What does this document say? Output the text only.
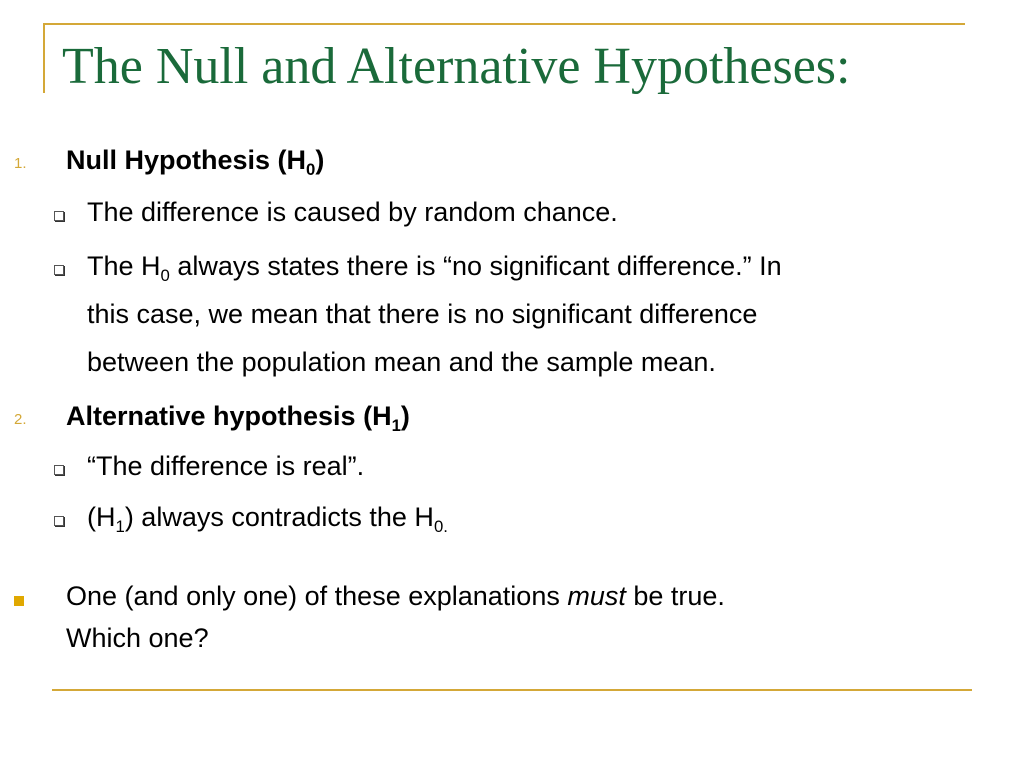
The Null and Alternative Hypotheses:
1. Null Hypothesis $(H_0)$
The difference is caused by random chance.
The $H_0$ always states there is “no significant difference.” In
this case, we mean that there is no significant difference
between the population mean and the sample mean.
2. Alternative hypothesis $(H_1)$
“The difference is real”.
$(H_1)$ always contradicts the $H_{0.}$
One (and only one) of these explanations must be true.
Which one?
